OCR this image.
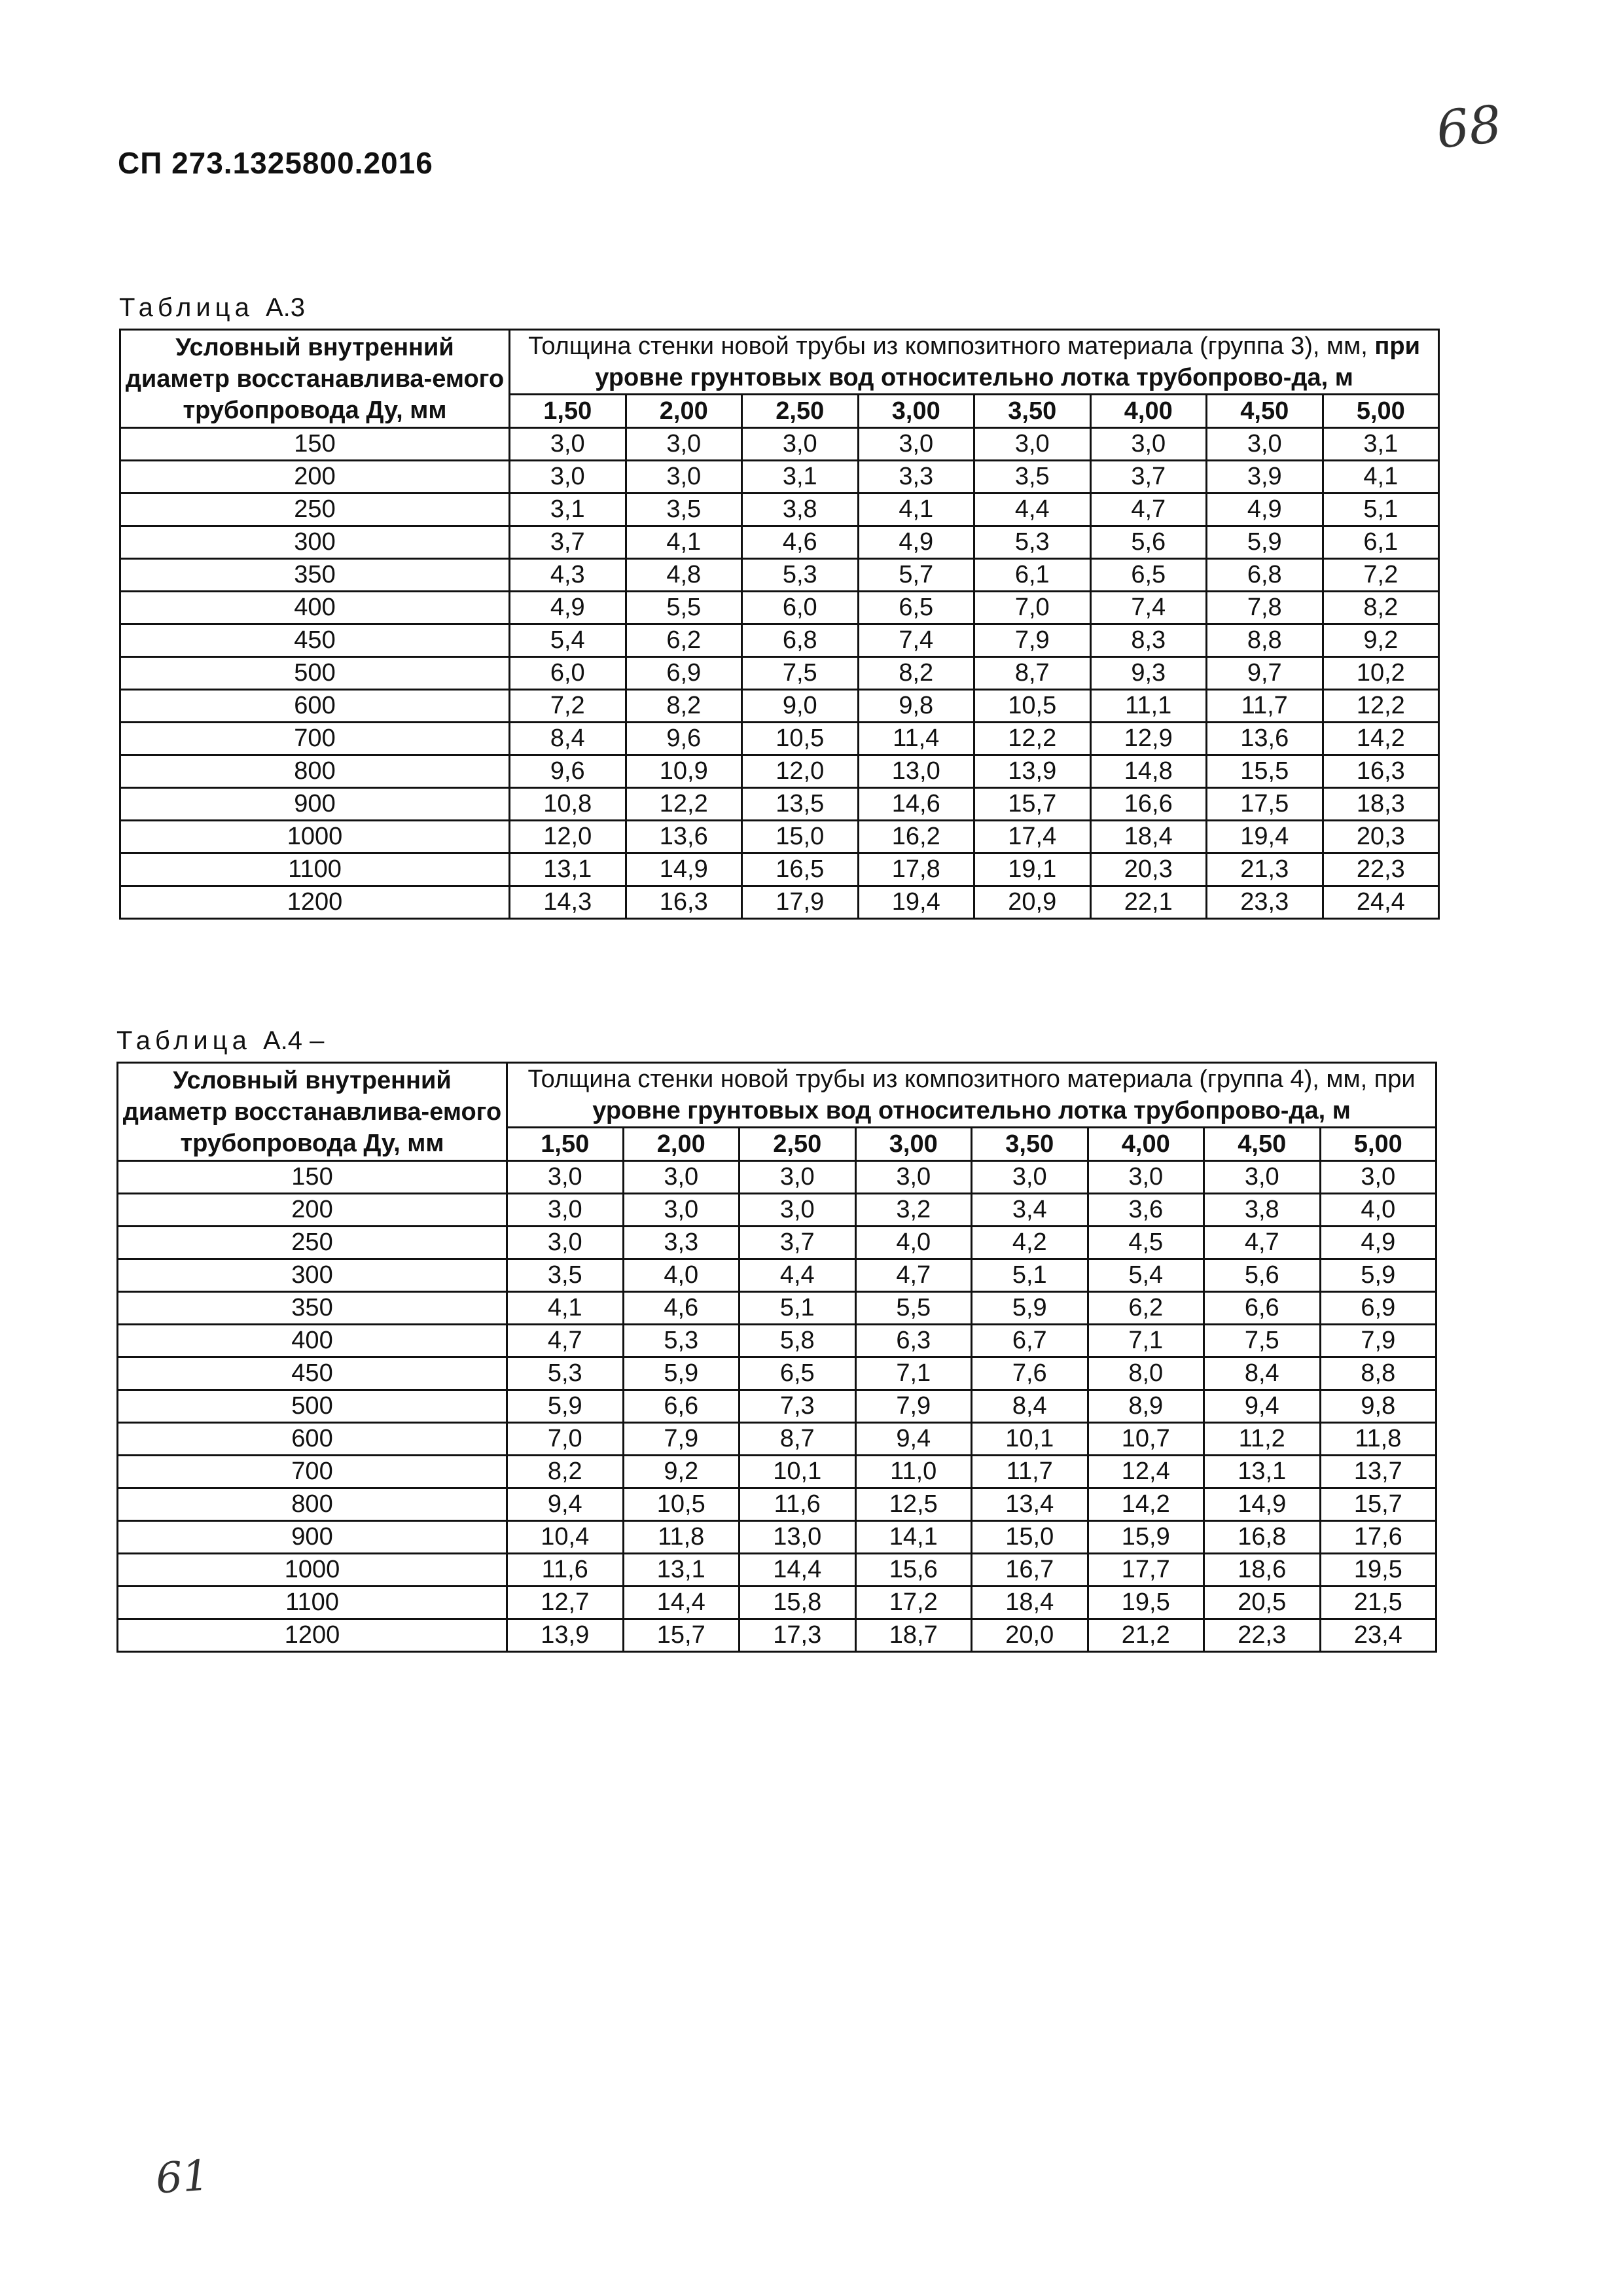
СП 273.1325800.2016
68
Таблица А.3
Условный внутренний диаметр восстанавлива-емого трубопровода Ду, мм	Толщина стенки новой трубы из композитного материала (группа 3), мм, при уровне грунтовых вод относительно лотка трубопрово-да, м							
	1,50	2,00	2,50	3,00	3,50	4,00	4,50	5,00
150	3,0	3,0	3,0	3,0	3,0	3,0	3,0	3,1
200	3,0	3,0	3,1	3,3	3,5	3,7	3,9	4,1
250	3,1	3,5	3,8	4,1	4,4	4,7	4,9	5,1
300	3,7	4,1	4,6	4,9	5,3	5,6	5,9	6,1
350	4,3	4,8	5,3	5,7	6,1	6,5	6,8	7,2
400	4,9	5,5	6,0	6,5	7,0	7,4	7,8	8,2
450	5,4	6,2	6,8	7,4	7,9	8,3	8,8	9,2
500	6,0	6,9	7,5	8,2	8,7	9,3	9,7	10,2
600	7,2	8,2	9,0	9,8	10,5	11,1	11,7	12,2
700	8,4	9,6	10,5	11,4	12,2	12,9	13,6	14,2
800	9,6	10,9	12,0	13,0	13,9	14,8	15,5	16,3
900	10,8	12,2	13,5	14,6	15,7	16,6	17,5	18,3
1000	12,0	13,6	15,0	16,2	17,4	18,4	19,4	20,3
1100	13,1	14,9	16,5	17,8	19,1	20,3	21,3	22,3
1200	14,3	16,3	17,9	19,4	20,9	22,1	23,3	24,4
Таблица А.4 –
Условный внутренний диаметр восстанавлива-емого трубопровода Ду, мм	Толщина стенки новой трубы из композитного материала (группа 4), мм, при уровне грунтовых вод относительно лотка трубопрово-да, м							
	1,50	2,00	2,50	3,00	3,50	4,00	4,50	5,00
150	3,0	3,0	3,0	3,0	3,0	3,0	3,0	3,0
200	3,0	3,0	3,0	3,2	3,4	3,6	3,8	4,0
250	3,0	3,3	3,7	4,0	4,2	4,5	4,7	4,9
300	3,5	4,0	4,4	4,7	5,1	5,4	5,6	5,9
350	4,1	4,6	5,1	5,5	5,9	6,2	6,6	6,9
400	4,7	5,3	5,8	6,3	6,7	7,1	7,5	7,9
450	5,3	5,9	6,5	7,1	7,6	8,0	8,4	8,8
500	5,9	6,6	7,3	7,9	8,4	8,9	9,4	9,8
600	7,0	7,9	8,7	9,4	10,1	10,7	11,2	11,8
700	8,2	9,2	10,1	11,0	11,7	12,4	13,1	13,7
800	9,4	10,5	11,6	12,5	13,4	14,2	14,9	15,7
900	10,4	11,8	13,0	14,1	15,0	15,9	16,8	17,6
1000	11,6	13,1	14,4	15,6	16,7	17,7	18,6	19,5
1100	12,7	14,4	15,8	17,2	18,4	19,5	20,5	21,5
1200	13,9	15,7	17,3	18,7	20,0	21,2	22,3	23,4
61
